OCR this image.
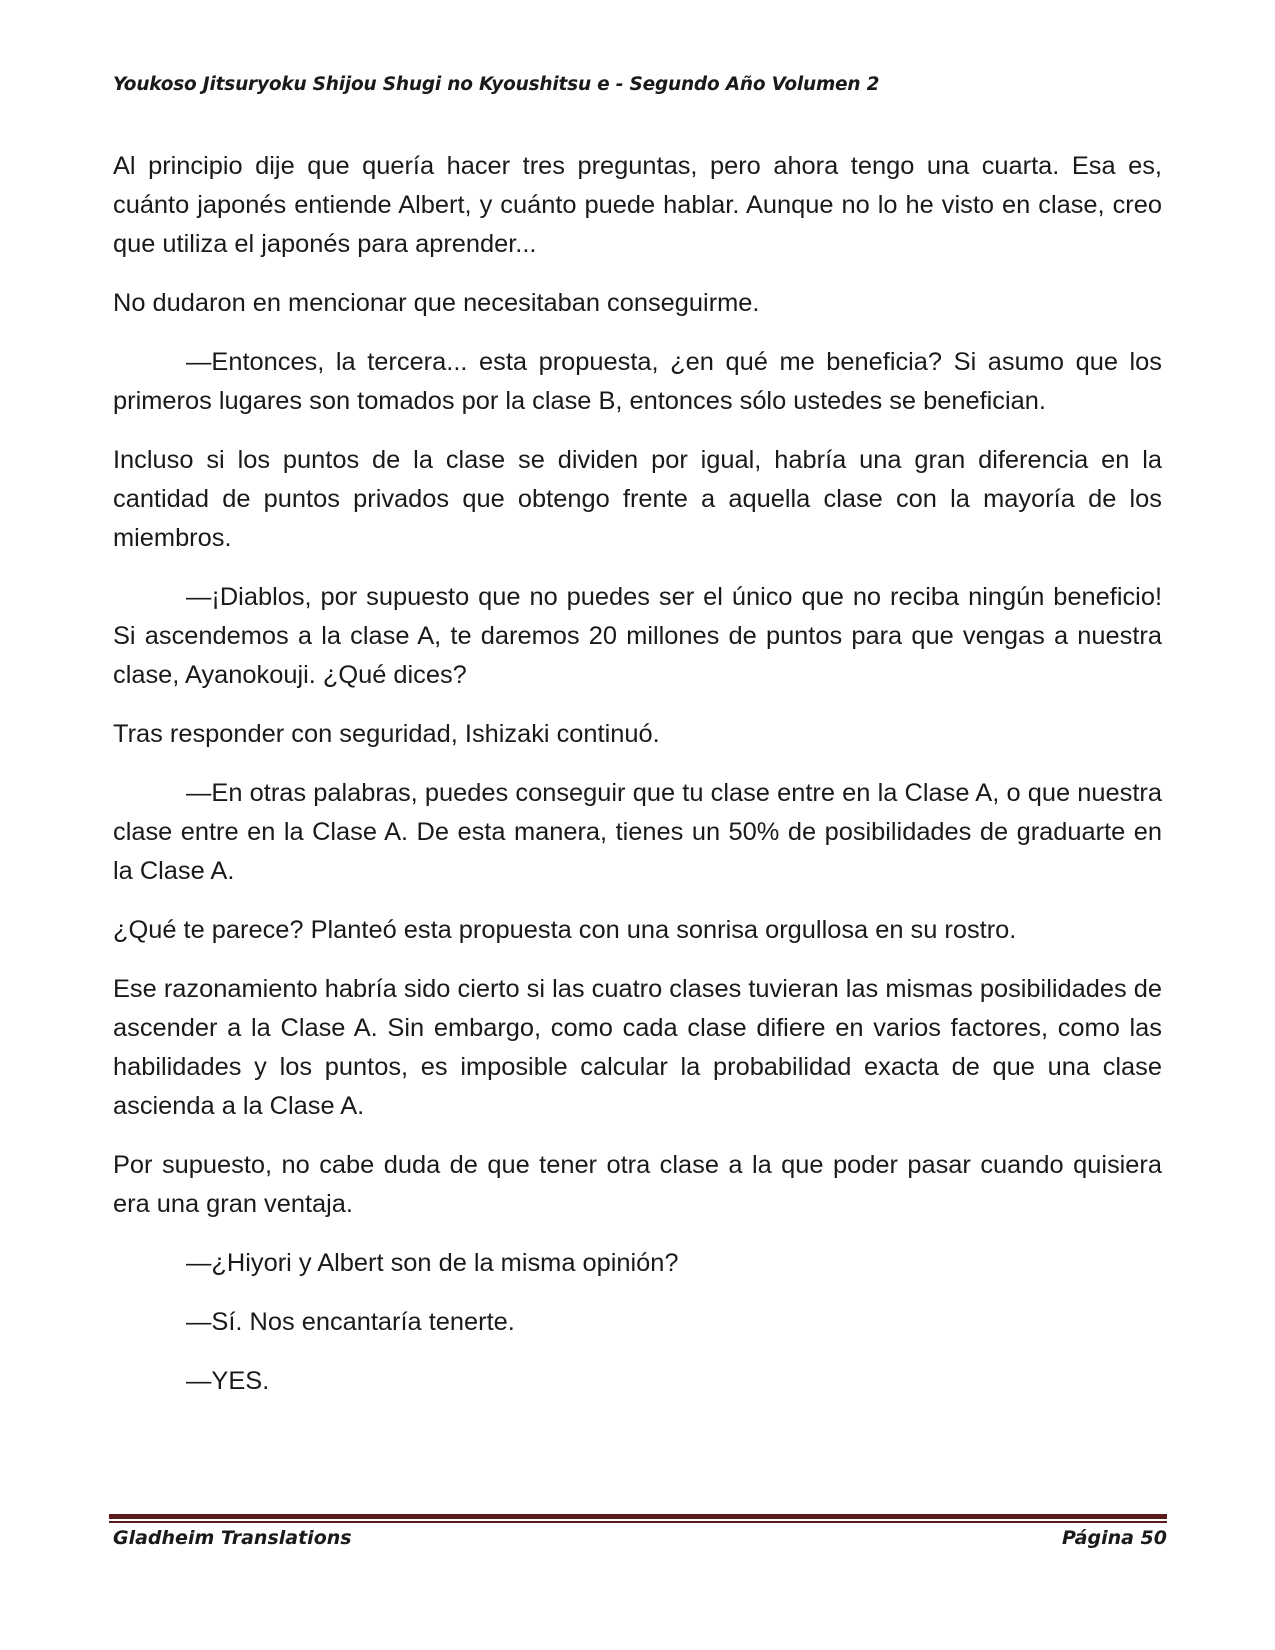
Youkoso Jitsuryoku Shijou Shugi no Kyoushitsu e - Segundo Año Volumen 2

Al principio dije que quería hacer tres preguntas, pero ahora tengo una cuarta. Esa es, cuánto japonés entiende Albert, y cuánto puede hablar. Aunque no lo he visto en clase, creo que utiliza el japonés para aprender...

No dudaron en mencionar que necesitaban conseguirme.

—Entonces, la tercera... esta propuesta, ¿en qué me beneficia? Si asumo que los primeros lugares son tomados por la clase B, entonces sólo ustedes se benefician.

Incluso si los puntos de la clase se dividen por igual, habría una gran diferencia en la cantidad de puntos privados que obtengo frente a aquella clase con la mayoría de los miembros.

—¡Diablos, por supuesto que no puedes ser el único que no reciba ningún beneficio! Si ascendemos a la clase A, te daremos 20 millones de puntos para que vengas a nuestra clase, Ayanokouji. ¿Qué dices?

Tras responder con seguridad, Ishizaki continuó.

—En otras palabras, puedes conseguir que tu clase entre en la Clase A, o que nuestra clase entre en la Clase A. De esta manera, tienes un 50% de posibilidades de graduarte en la Clase A.

¿Qué te parece? Planteó esta propuesta con una sonrisa orgullosa en su rostro.

Ese razonamiento habría sido cierto si las cuatro clases tuvieran las mismas posibilidades de ascender a la Clase A. Sin embargo, como cada clase difiere en varios factores, como las habilidades y los puntos, es imposible calcular la probabilidad exacta de que una clase ascienda a la Clase A.

Por supuesto, no cabe duda de que tener otra clase a la que poder pasar cuando quisiera era una gran ventaja.

—¿Hiyori y Albert son de la misma opinión?

—Sí. Nos encantaría tenerte.

—YES.

Gladheim Translations	Página 50
